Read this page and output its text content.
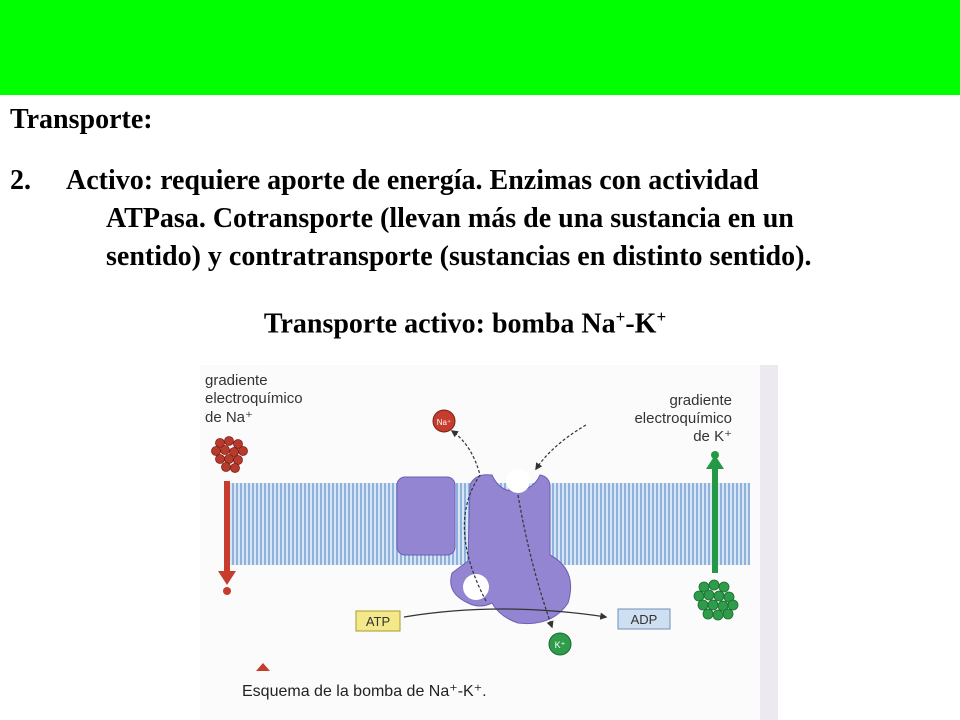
Transporte:
2. Activo: requiere aporte de energía. Enzimas con actividad
ATPasa. Cotransporte (llevan más de una sustancia en un
sentido) y contratransporte (sustancias en distinto sentido).
Transporte activo: bomba Na+-K+
gradiente
electroquímico
de Na⁺
gradiente
electroquímico
de K⁺
Na⁺
K⁺
ATP	ADP
Esquema de la bomba de Na⁺-K⁺.
